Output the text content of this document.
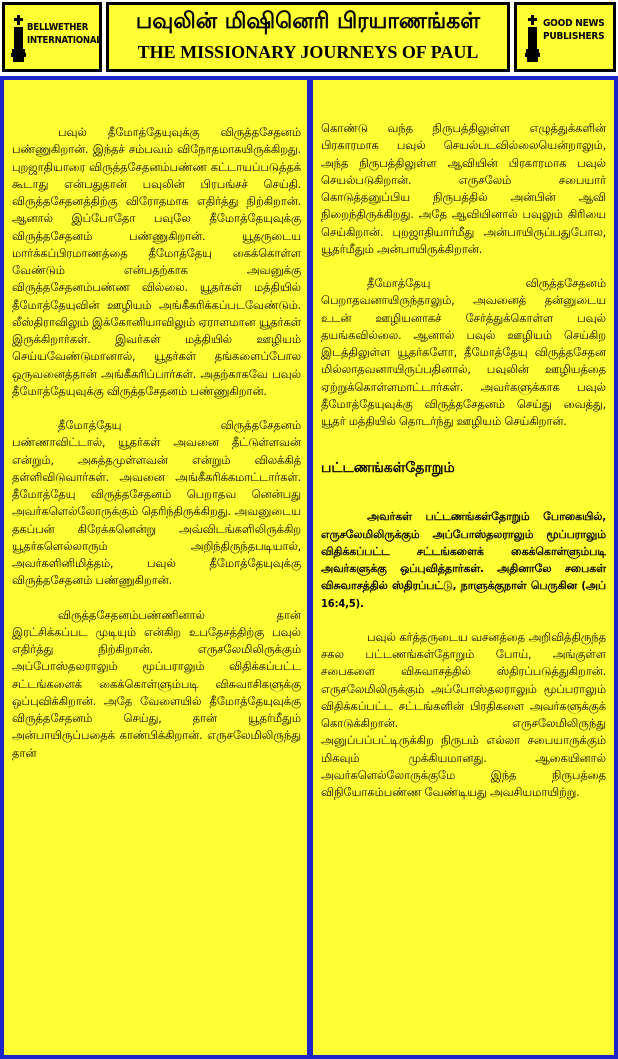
BELLWETHER
INTERNATIONAL
பவுலின் மிஷினெரி பிரயாணங்கள்
THE MISSIONARY JOURNEYS OF PAUL
GOOD NEWS
PUBLISHERS

பவுல் தீமோத்தேயுவுக்கு விருத்தசேதனம் பண்ணுகிறான். இந்தச் சம்பவம் விநோதமாகயிருக்கிறது. புறஜாதியாரை விருத்தசேதனம்பண்ண கட்டாயப்படுத்தக் கூடாது என்பதுதான் பவுலின் பிரபங்சச் செய்தி. விருத்தசேதனத்திற்கு விரோதமாக எதிர்த்து நிற்கிறான். ஆனால் இப்போதோ பவுலே தீமோத்தேயுவுக்கு விருத்தசேதனம் பண்ணுகிறான். யூதருடைய மார்க்கப்பிரமாணத்தை தீமோத்தேயு கைக்கொள்ள வேண்டும் என்பதற்காக அவனுக்கு விருத்தசேதனம்பண்ண வில்லை. யூதர்கள் மத்தியில் தீமோத்தேயுவின் ஊழியம் அங்கீகரிக்கப்படவேண்டும். லீஸ்திராவிலும் இக்கோனியாவிலும் ஏராளமான யூதர்கள் இருக்கிறார்கள். இவர்கள் மத்தியில் ஊழியம் செய்யவேண்டுமானால், யூதர்கள் தங்களைப்போல ஒருவனைத்தான் அங்கீகரிப்பார்கள். அதற்காகவே பவுல் தீமோத்தேயுவுக்கு விருத்தசேதனம் பண்ணுகிறான்.

தீமோத்தேயு விருத்தசேதனம் பண்ணாவிட்டால், யூதர்கள் அவனை தீட்டுள்ளவன் என்றும், அசுத்தமுள்ளவன் என்றும் விலக்கித் தள்ளிவிடுவார்கள். அவனை அங்கீகரிக்கமாட்டார்கள். தீமோத்தேயு விருத்தசேதனம் பெறாதவ னென்பது அவர்களெல்லோருக்கும் தெரிந்திருக்கிறது. அவனுடைய தகப்பன் கிரேக்கனென்று அவ்விடங்களிலிருக்கிற யூதர்களெல்லாரும் அறிந்திருந்தபடியால், அவர்களினிமித்தம், பவுல் தீமோத்தேயுவுக்கு விருத்தசேதனம் பண்ணுகிறான்.

விருத்தசேதனம்பண்ணினால் தான் இரட்சிக்கப்பட முடியும் என்கிற உபதேசத்திற்கு பவுல் எதிர்த்து நிற்கிறான். எருசலேமிலிருக்கும் அப்போஸ்தலராலும் மூப்பராலும் விதிக்கப்பட்ட சட்டங்களைக் கைக்கொள்ளும்படி விசுவாசிகளுக்கு ஒப்புவிக்கிறான். அதே வேளையில் தீமோத்தேயுவுக்கு விருத்தசேதனம் செய்து, தான் யூதர்மீதும் அன்பாயிருப்பதைக் காண்பிக்கிறான். எருசலேமிலிருந்து தான்

கொண்டு வந்த நிருபத்திலுள்ள எழுத்துக்களின் பிரகாரமாக பவுல் செயல்படவில்லையென்றாலும், அந்த நிருபத்திலுள்ள ஆவியின் பிரகாரமாக பவுல் செயல்படுகிறான். எருசலேம் சபையார் கொடுத்தனுப்பிய நிருபத்தில் அன்பின் ஆவி நிறைந்திருக்கிறது. அதே ஆவியினால் பவுலும் கிரியை செய்கிறான். புறஜாதியார்மீது அன்பாயிருப்பதுபோல, யூதர்மீதும் அன்பாயிருக்கிறான்.

தீமோத்தேயு விருத்தசேதனம் பெறாதவனாயிருந்தாலும், அவனைத் தன்னுடைய உடன் ஊழியனாகச் சேர்த்துக்கொள்ள பவுல் தயங்கவில்லை. ஆனால் பவுல் ஊழியம் செய்கிற இடத்திலுள்ள யூதர்களோ, தீமோத்தேயு விருத்தசேதன மில்லாதவனாயிருப்பதினால், பவுலின் ஊழியத்தை ஏற்றுக்கொள்ளமாட்டார்கள். அவர்களுக்காக பவுல் தீமோத்தேயுவுக்கு விருத்தசேதனம் செய்து வைத்து, யூதர் மத்தியில் தொடர்ந்து ஊழியம் செய்கிறான்.

பட்டணங்கள்தோறும்

அவர்கள் பட்டணங்கள்தோறும் போகையில், எருசலேமிலிருக்கும் அப்போஸ்தலராலும் மூப்பராலும் விதிக்கப்பட்ட சட்டங்களைக் கைக்கொள்ளும்படி அவர்களுக்கு ஒப்புவித்தார்கள். அதினாலே சபைகள் விசுவாசத்தில் ஸ்திரப்பட்டு, நாளுக்குநாள் பெருகின (அப் 16:4,5).

பவுல் கர்த்தருடைய வசனத்தை அறிவித்திருந்த சகல பட்டணங்கள்தோறும் போய், அங்குள்ள சபைகளை விசுவாசத்தில் ஸ்திரப்படுத்துகிறான். எருசலேமிலிருக்கும் அப்போஸ்தலராலும் மூப்பராலும் விதிக்கப்பட்ட சட்டங்களின் பிரதிகளை அவர்களுக்குக் கொடுக்கிறான். எருசலேமிலிருந்து அனுப்பப்பட்டிருக்கிற நிருபம் எல்லா சபையாருக்கும் மிகவும் முக்கியமானது. ஆகையினால் அவர்களெல்லோருக்குமே இந்த நிருபத்தை விநியோகம்பண்ண வேண்டியது அவசியமாயிற்று.
